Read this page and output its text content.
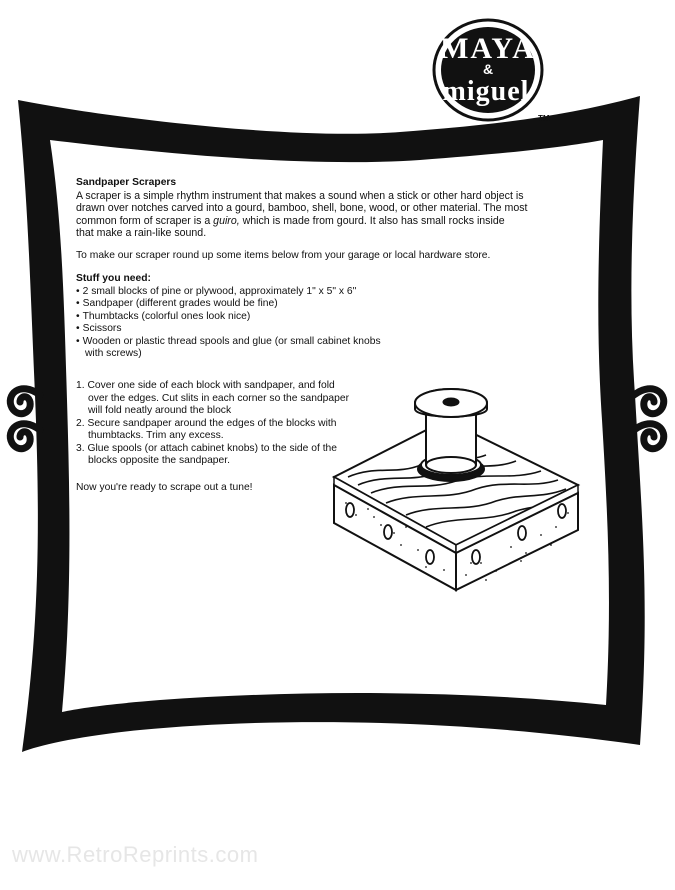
MAYA
&
miguel
TM

Sandpaper Scrapers

A scraper is a simple rhythm instrument that makes a sound when a stick or other hard object is

drawn over notches carved into a gourd, bamboo, shell, bone, wood, or other material. The most

common form of scraper is a guiro, which is made from gourd. It also has small rocks inside

that make a rain-like sound.

To make our scraper round up some items below from your garage or local hardware store.

Stuff you need:

• 2 small blocks of pine or plywood, approximately 1" x 5" x 6"
• Sandpaper (different grades would be fine)
• Thumbtacks (colorful ones look nice)
• Scissors
• Wooden or plastic thread spools and glue (or small cabinet knobs with screws)
1. Cover one side of each block with sandpaper, and fold over the edges. Cut slits in each corner so the sandpaper will fold neatly around the block
2. Secure sandpaper around the edges of the blocks with thumbtacks. Trim any excess.
3. Glue spools (or attach cabinet knobs) to the side of the blocks opposite the sandpaper.

Now you're ready to scrape out a tune!

www.RetroReprints.com
